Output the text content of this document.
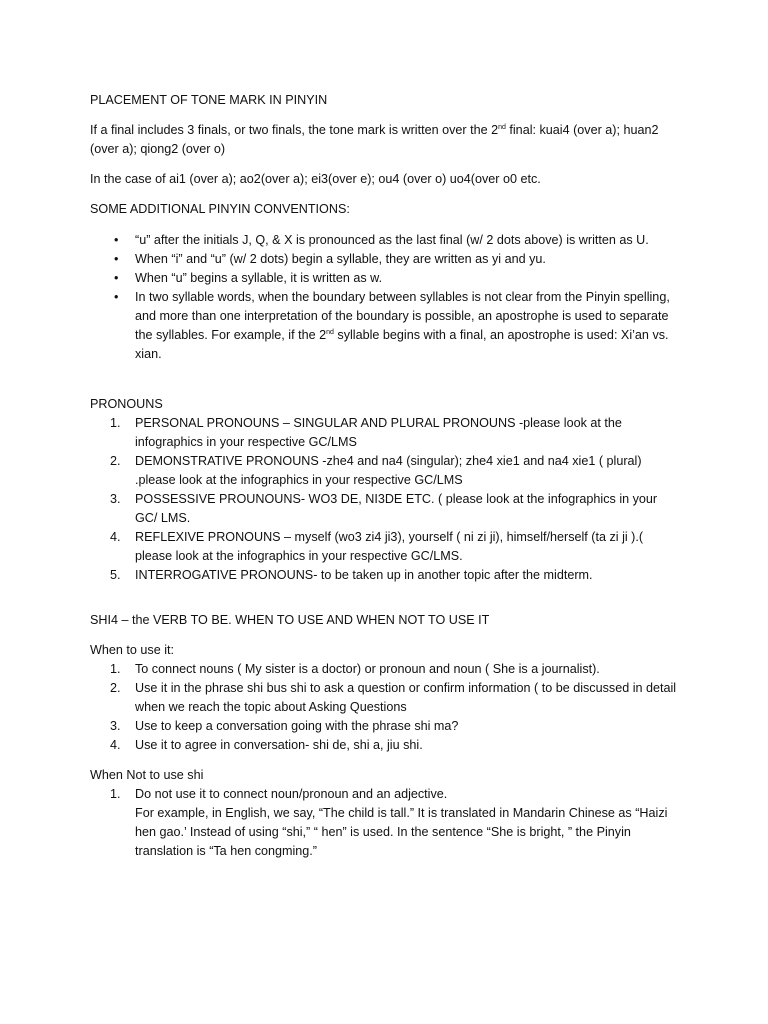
PLACEMENT OF TONE MARK IN PINYIN

If a final includes 3 finals, or two finals, the tone mark is written over the 2nd final: kuai4 (over a); huan2 (over a); qiong2 (over o)

In the case of ai1 (over a); ao2(over a); ei3(over e); ou4 (over o) uo4(over o0 etc.

SOME ADDITIONAL PINYIN CONVENTIONS:

• “u” after the initials J, Q, & X is pronounced as the last final (w/ 2 dots above) is written as U.
• When “i” and “u” (w/ 2 dots) begin a syllable, they are written as yi and yu.
• When “u” begins a syllable, it is written as w.
• In two syllable words, when the boundary between syllables is not clear from the Pinyin spelling, and more than one interpretation of the boundary is possible, an apostrophe is used to separate the syllables. For example, if the 2nd syllable begins with a final, an apostrophe is used: Xi’an vs. xian.

PRONOUNS

1. PERSONAL PRONOUNS – SINGULAR AND PLURAL PRONOUNS -please look at the infographics in your respective GC/LMS
2. DEMONSTRATIVE PRONOUNS -zhe4 and na4 (singular); zhe4 xie1 and na4 xie1 ( plural) .please look at the infographics in your respective GC/LMS
3. POSSESSIVE PROUNOUNS- WO3 DE, NI3DE ETC. ( please look at the infographics in your GC/ LMS.
4. REFLEXIVE PRONOUNS – myself (wo3 zi4 ji3), yourself ( ni zi ji), himself/herself (ta zi ji ).( please look at the infographics in your respective GC/LMS.
5. INTERROGATIVE PRONOUNS- to be taken up in another topic after the midterm.

SHI4 – the VERB TO BE. WHEN TO USE AND WHEN NOT TO USE IT

When to use it:

1. To connect nouns ( My sister is a doctor) or pronoun and noun ( She is a journalist).
2. Use it in the phrase shi bus shi to ask a question or confirm information ( to be discussed in detail when we reach the topic about Asking Questions
3. Use to keep a conversation going with the phrase shi ma?
4. Use it to agree in conversation- shi de, shi a, jiu shi.

When Not to use shi

1. Do not use it to connect noun/pronoun and an adjective.
For example, in English, we say, “The child is tall.” It is translated in Mandarin Chinese as “Haizi hen gao.’ Instead of using “shi,” “ hen” is used. In the sentence “She is bright, ” the Pinyin translation is “Ta hen congming.”
